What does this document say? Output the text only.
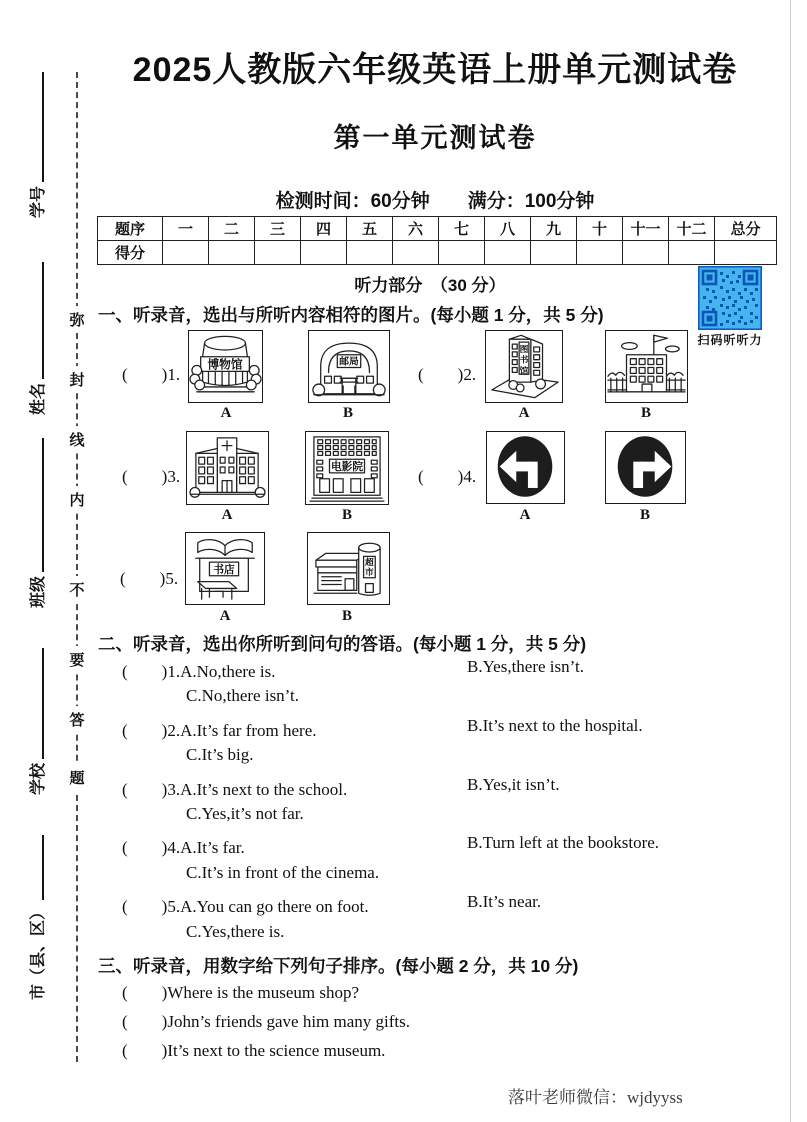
弥
封
线
内
不
要
答
题
学号
姓名
班级
学校
市（县、区）
2025人教版六年级英语上册单元测试卷
第一单元测试卷
检测时间：60分钟　　满分：100分钟
题序	一	二	三	四	五	六	七	八	九	十	十一	十二	总分
得分													
听力部分　（30 分）
扫码听听力
一、听录音，选出与所听内容相符的图片。(每小题 1 分，共 5 分)
(　　)1.	(　　)2.
博物馆	邮局
图
书
馆
A	B	A	B
(　　)3.	(　　)4.
电影院
A	B	A	B
(　　)5.	书店
超
市
A	B
二、听录音，选出你所听到问句的答语。(每小题 1 分，共 5 分)
(　　)1.A.No,there is.	B.Yes,there isn’t.
C.No,there isn’t.
(　　)2.A.It’s far from here.	B.It’s next to the hospital.
C.It’s big.
(　　)3.A.It’s next to the school.	B.Yes,it isn’t.
C.Yes,it’s not far.
(　　)4.A.It’s far.	B.Turn left at the bookstore.
C.It’s in front of the cinema.
(　　)5.A.You can go there on foot.	B.It’s near.
C.Yes,there is.
三、听录音，用数字给下列句子排序。(每小题 2 分，共 10 分)
(　　)Where is the museum shop?
(　　)John’s friends gave him many gifts.
(　　)It’s next to the science museum.
落叶老师微信：wjdyyss
